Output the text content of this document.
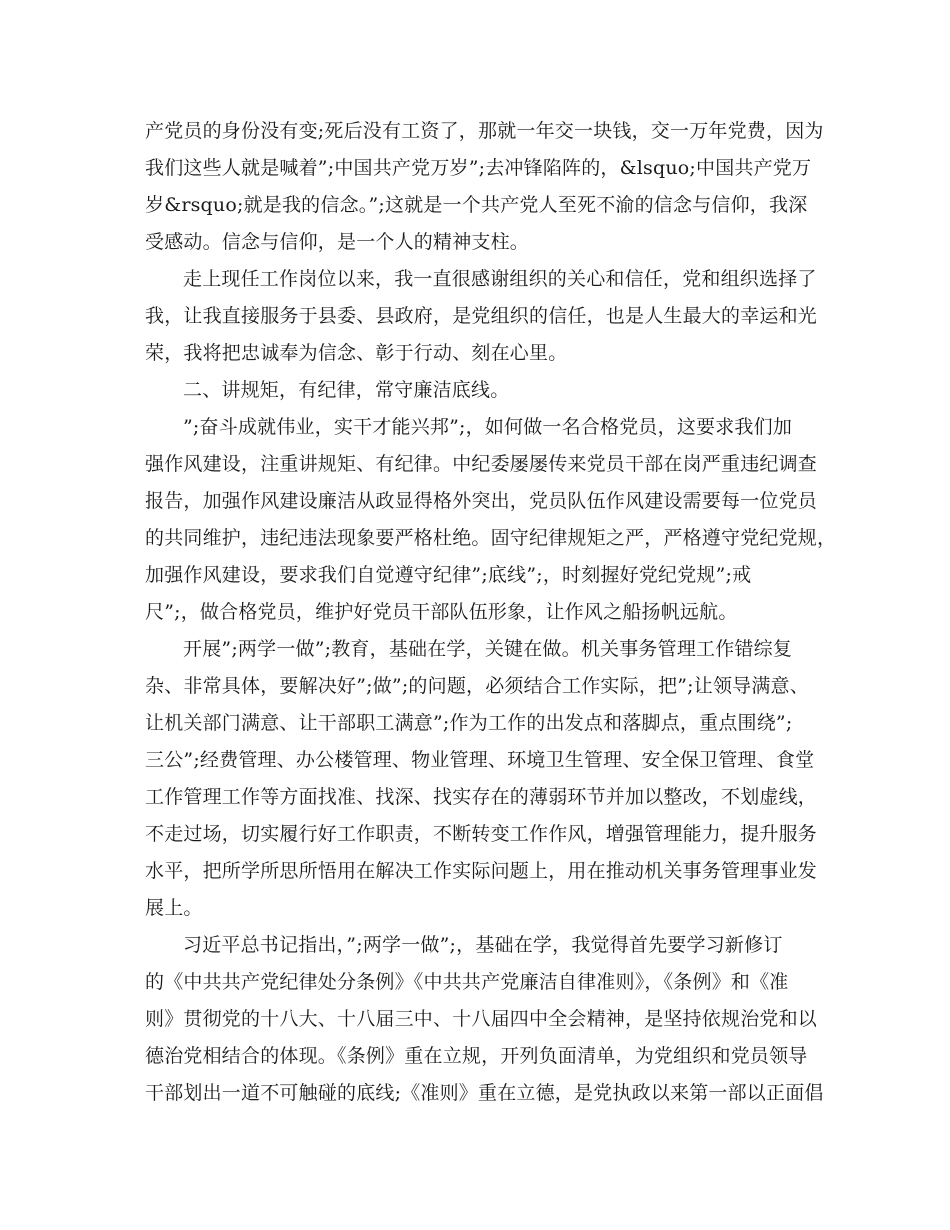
产党员的身份没有变;死后没有工资了，那就一年交一块钱，交一万年党费，因为
我们这些人就是喊着”;中国共产党万岁”;去冲锋陷阵的，&lsquo;中国共产党万
岁&rsquo;就是我的信念。”;这就是一个共产党人至死不渝的信念与信仰，我深
受感动。信念与信仰，是一个人的精神支柱。
走上现任工作岗位以来，我一直很感谢组织的关心和信任，党和组织选择了
我，让我直接服务于县委、县政府，是党组织的信任，也是人生最大的幸运和光
荣，我将把忠诚奉为信念、彰于行动、刻在心里。
二、讲规矩，有纪律，常守廉洁底线。
”;奋斗成就伟业，实干才能兴邦”;，如何做一名合格党员，这要求我们加
强作风建设，注重讲规矩、有纪律。中纪委屡屡传来党员干部在岗严重违纪调查
报告，加强作风建设廉洁从政显得格外突出，党员队伍作风建设需要每一位党员
的共同维护，违纪违法现象要严格杜绝。固守纪律规矩之严，严格遵守党纪党规，
加强作风建设，要求我们自觉遵守纪律”;底线”;，时刻握好党纪党规”;戒
尺”;，做合格党员，维护好党员干部队伍形象，让作风之船扬帆远航。
开展”;两学一做”;教育，基础在学，关键在做。机关事务管理工作错综复
杂、非常具体，要解决好”;做”;的问题，必须结合工作实际，把”;让领导满意、
让机关部门满意、让干部职工满意”;作为工作的出发点和落脚点，重点围绕”;
三公”;经费管理、办公楼管理、物业管理、环境卫生管理、安全保卫管理、食堂
工作管理工作等方面找准、找深、找实存在的薄弱环节并加以整改，不划虚线，
不走过场，切实履行好工作职责，不断转变工作作风，增强管理能力，提升服务
水平，把所学所思所悟用在解决工作实际问题上，用在推动机关事务管理事业发
展上。
习近平总书记指出，”;两学一做”;，基础在学，我觉得首先要学习新修订
的《中共共产党纪律处分条例》《中共共产党廉洁自律准则》，《条例》和《准
则》贯彻党的十八大、十八届三中、十八届四中全会精神，是坚持依规治党和以
德治党相结合的体现。《条例》重在立规，开列负面清单，为党组织和党员领导
干部划出一道不可触碰的底线;《准则》重在立德，是党执政以来第一部以正面倡
